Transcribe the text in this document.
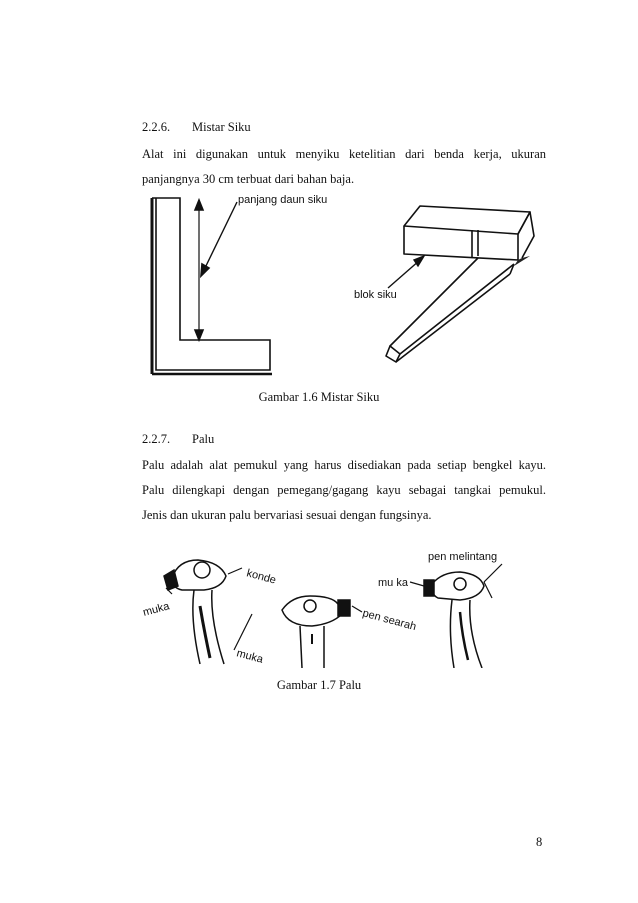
2.2.6. Mistar Siku
Alat ini digunakan untuk menyiku ketelitian dari benda kerja, ukuran
panjangnya 30 cm terbuat dari bahan baja.
panjang daun siku
blok siku
Gambar 1.6 Mistar Siku
2.2.7. Palu
Palu adalah alat pemukul yang harus disediakan pada setiap bengkel kayu.
Palu dilengkapi dengan pemegang/gagang kayu sebagai tangkai pemukul.
Jenis dan ukuran palu bervariasi sesuai dengan fungsinya.
muka
konde
muka
pen searah
mu ka
pen melintang
Gambar 1.7 Palu
8
